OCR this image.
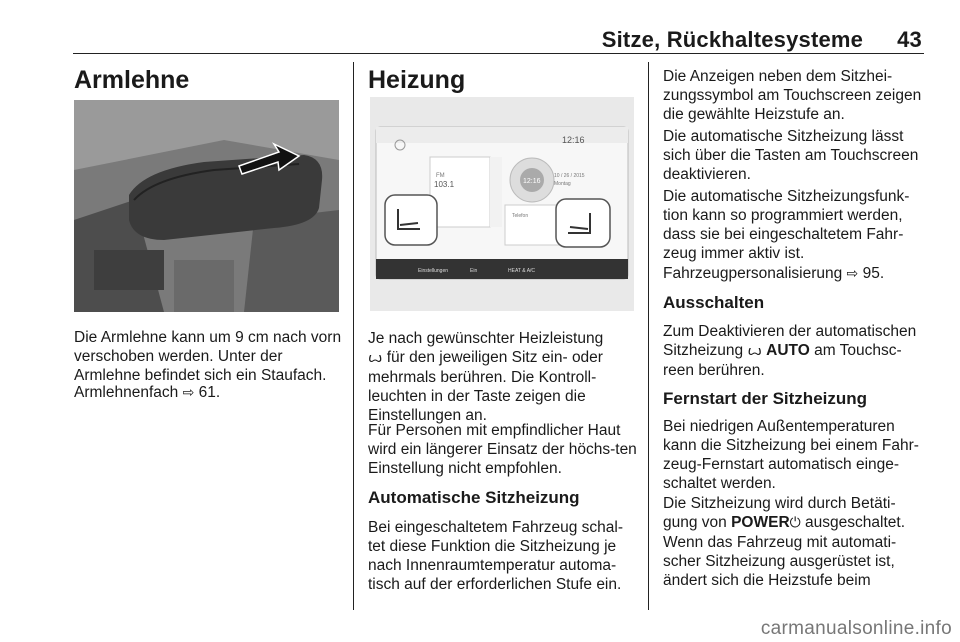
Sitze, Rückhaltesysteme 43
Armlehne

Die Armlehne kann um 9 cm nach vorn verschoben werden. Unter der Armlehne befindet sich ein Staufach.

Armlehnenfach ⇨ 61.

Heizung
12:16
12:16
10 / 26 / 2015
Montag
FM
103.1
Telefon
Einstellungen	Ein	HEAT & A/C

Je nach gewünschter Heizleistung
ꙍ für den jeweiligen Sitz ein- oder mehrmals berühren. Die Kontroll-leuchten in der Taste zeigen die Einstellungen an.

Für Personen mit empfindlicher Haut wird ein längerer Einsatz der höchs-ten Einstellung nicht empfohlen.

Automatische Sitzheizung

Bei eingeschaltetem Fahrzeug schal-tet diese Funktion die Sitzheizung je nach Innenraumtemperatur automa-tisch auf der erforderlichen Stufe ein.

Die Anzeigen neben dem Sitzhei-zungssymbol am Touchscreen zeigen die gewählte Heizstufe an.

Die automatische Sitzheizung lässt sich über die Tasten am Touchscreen deaktivieren.

Die automatische Sitzheizungsfunk-tion kann so programmiert werden, dass sie bei eingeschaltetem Fahr-zeug immer aktiv ist.

Fahrzeugpersonalisierung ⇨ 95.

Ausschalten

Zum Deaktivieren der automatischen Sitzheizung ꙍ AUTO am Touchsc-reen berühren.

Fernstart der Sitzheizung

Bei niedrigen Außentemperaturen kann die Sitzheizung bei einem Fahr-zeug-Fernstart automatisch einge-schaltet werden.

Die Sitzheizung wird durch Betäti-gung von POWER⏻ ausgeschaltet. Wenn das Fahrzeug mit automati-scher Sitzheizung ausgerüstet ist, ändert sich die Heizstufe beim

carmanualsonline.info
